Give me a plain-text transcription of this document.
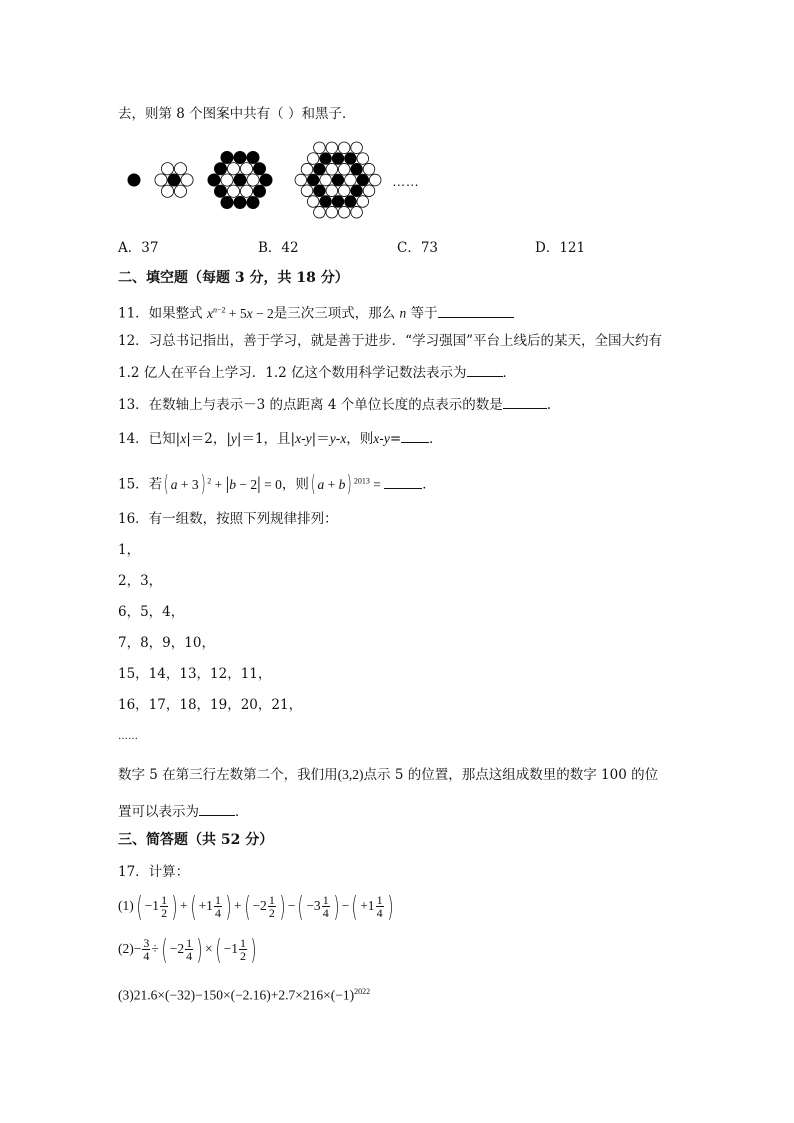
去，则第 8 个图案中共有（ ）和黑子．
……
A．37	B．42	C．73	D．121
二、填空题（每题 3 分，共 18 分）
11．如果整式 $x^{n-2} + 5x - 2$是三次三项式，那么 n 等于
12．习总书记指出，善于学习，就是善于进步．“学习强国”平台上线后的某天，全国大约有
1.2 亿人在平台上学习．1.2 亿这个数用科学记数法表示为	．
13．在数轴上与表示－3 的点距离 4 个单位长度的点表示的数是	.
14．已知|x|＝2，|y|＝1，且|x-y|＝y-x，则x-y= ．
15．若( a + 3) $^2$ + |b − 2| = 0，则( a + b) $^{2013}$ =	．
16．有一组数，按照下列规律排列：
1，
2，3，
6，5，4，
7，8，9，10，
15，14，13，12，11，
16，17，18，19，20，21，
……
数字 5 在第三行左数第二个，我们用(3,2)点示 5 的位置，那点这组成数里的数字 100 的位
置可以表示为	．
三、简答题（共 52 分）
17．计算：
$(1)( -1 \frac{1}{2}$ ) +( $+1 \frac{1}{4}$ ) +( $-2 \frac{1}{2}$ ) −( $-3 \frac{1}{4}$ ) −( $+1 \frac{1}{4}$ )
$(2)- \frac{3}{4}$ ÷( $-2 \frac{1}{4}$ ) ×( $-1 \frac{1}{2}$ )
$(3)21.6\times(-32)-150\times(-2.16)+2.7\times 216\times(-1)^{2022}$
